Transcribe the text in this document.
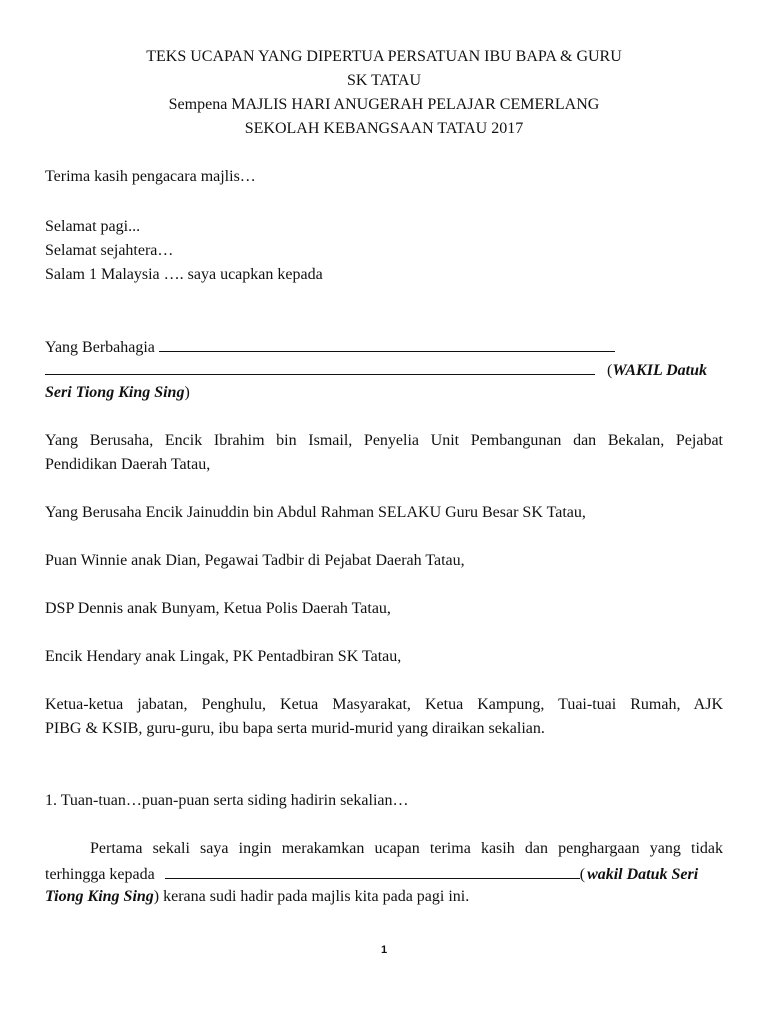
TEKS UCAPAN YANG DIPERTUA PERSATUAN IBU BAPA & GURU
SK TATAU
Sempena MAJLIS HARI ANUGERAH PELAJAR CEMERLANG
SEKOLAH KEBANGSAAN TATAU 2017
Terima kasih pengacara majlis…
Selamat pagi...
Selamat sejahtera…
Salam 1 Malaysia …. saya ucapkan kepada
Yang Berbahagia
(WAKIL Datuk
Seri Tiong King Sing)
Yang Berusaha, Encik Ibrahim bin Ismail, Penyelia Unit Pembangunan dan Bekalan, Pejabat
Pendidikan Daerah Tatau,
Yang Berusaha Encik Jainuddin bin Abdul Rahman SELAKU Guru Besar SK Tatau,
Puan Winnie anak Dian, Pegawai Tadbir di Pejabat Daerah Tatau,
DSP Dennis anak Bunyam, Ketua Polis Daerah Tatau,
Encik Hendary anak Lingak, PK Pentadbiran SK Tatau,
Ketua-ketua jabatan, Penghulu, Ketua Masyarakat, Ketua Kampung, Tuai-tuai Rumah, AJK
PIBG & KSIB, guru-guru, ibu bapa serta murid-murid yang diraikan sekalian.
1. Tuan-tuan…puan-puan serta siding hadirin sekalian…
Pertama sekali saya ingin merakamkan ucapan terima kasih dan penghargaan yang tidak
terhingga kepada	( wakil Datuk Seri
Tiong King Sing) kerana sudi hadir pada majlis kita pada pagi ini.
1
